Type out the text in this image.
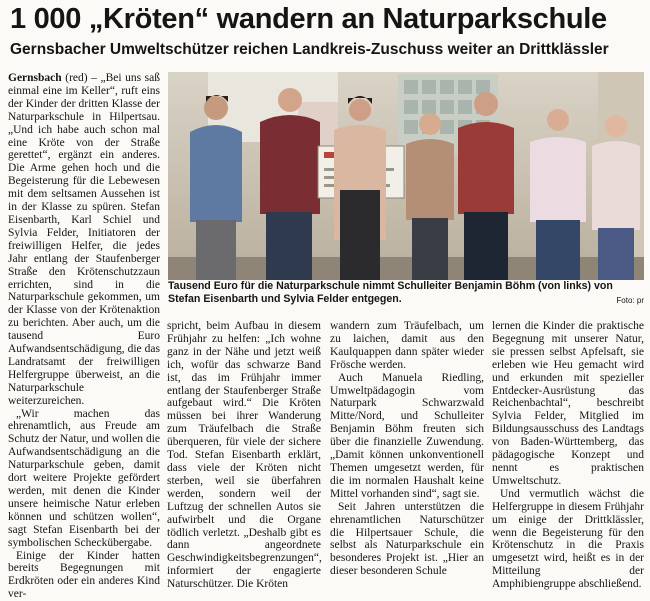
1 000 „Kröten“ wandern an Naturparkschule
Gernsbacher Umweltschützer reichen Landkreis-Zuschuss weiter an Drittklässler

Gernsbach (red) – „Bei uns saß einmal eine im Keller“, ruft eins der Kinder der dritten Klasse der Naturparkschule in Hilpertsau. „Und ich habe auch schon mal eine Kröte von der Straße gerettet“, ergänzt ein anderes. Die Arme gehen hoch und die Begeisterung für die Lebewesen mit dem seltsamen Aussehen ist in der Klasse zu spüren. Stefan Eisenbarth, Karl Schiel und Sylvia Felder, Initiatoren der freiwilligen Helfer, die jedes Jahr entlang der Staufenberger Straße den Krötenschutzzaun errichten, sind in die Naturparkschule gekommen, um der Klasse von der Krötenaktion zu berichten. Aber auch, um die tausend Euro Aufwandsentschädigung, die das Landratsamt der freiwilligen Helfergruppe überweist, an die Naturparkschule weiterzureichen.

„Wir machen das ehrenamtlich, aus Freude am Schutz der Natur, und wollen die Aufwandsentschädigung an die Naturparkschule geben, damit dort weitere Projekte gefördert werden, mit denen die Kinder unsere heimische Natur erleben können und schützen wollen“, sagt Stefan Eisenbarth bei der symbolischen Scheckübergabe.

Einige der Kinder hatten bereits Begegnungen mit Erdkröten oder ein anderes Kind ver-

Tausend Euro für die Naturparkschule nimmt Schulleiter Benjamin Böhm (von links) von Stefan Eisenbarth und Sylvia Felder entgegen.	Foto: pr

spricht, beim Aufbau in diesem Frühjahr zu helfen: „Ich wohne ganz in der Nähe und jetzt weiß ich, wofür das schwarze Band ist, das im Frühjahr immer entlang der Staufenberger Straße aufgebaut wird.“ Die Kröten müssen bei ihrer Wanderung zum Träufelbach die Straße überqueren, für viele der sichere Tod. Stefan Eisenbarth erklärt, dass viele der Kröten nicht sterben, weil sie überfahren werden, sondern weil der Luftzug der schnellen Autos sie aufwirbelt und die Organe tödlich verletzt. „Deshalb gibt es dann angeordnete Geschwindigkeitsbegrenzungen“, informiert der engagierte Naturschützer. Die Kröten

wandern zum Träufelbach, um zu laichen, damit aus den Kaulquappen dann später wieder Frösche werden.

Auch Manuela Riedling, Umweltpädagogin vom Naturpark Schwarzwald Mitte/Nord, und Schulleiter Benjamin Böhm freuten sich über die finanzielle Zuwendung. „Damit können unkonventionell Themen umgesetzt werden, für die im normalen Haushalt keine Mittel vorhanden sind“, sagt sie.

Seit Jahren unterstützen die ehrenamtlichen Naturschützer die Hilpertsauer Schule, die selbst als Naturparkschule ein besonderes Projekt ist. „Hier an dieser besonderen Schule

lernen die Kinder die praktische Begegnung mit unserer Natur, sie pressen selbst Apfelsaft, sie erleben wie Heu gemacht wird und erkunden mit spezieller Entdecker-Ausrüstung das Reichenbachtal“, beschreibt Sylvia Felder, Mitglied im Bildungsausschuss des Landtags von Baden-Württemberg, das pädagogische Konzept und nennt es praktischen Umweltschutz.

Und vermutlich wächst die Helfergruppe in diesem Frühjahr um einige der Drittklässler, wenn die Begeisterung für den Krötenschutz in die Praxis umgesetzt wird, heißt es in der Mitteilung der Amphibiengruppe abschließend.
